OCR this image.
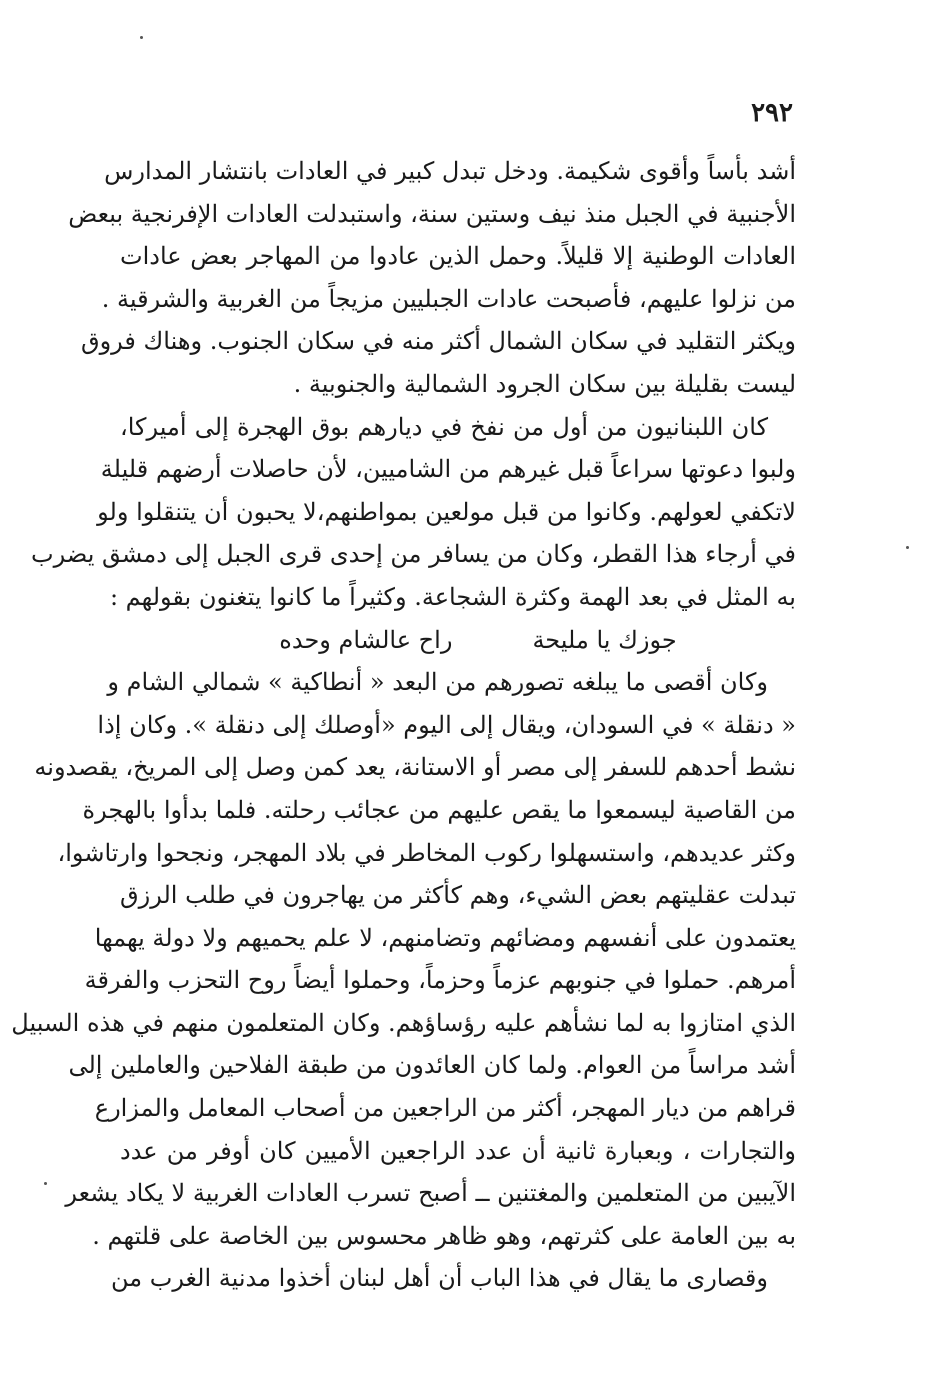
٢٩٢
أشد بأساً وأقوى شكيمة. ودخل تبدل كبير في العادات بانتشار المدارس
الأجنبية في الجبل منذ نيف وستين سنة، واستبدلت العادات الإفرنجية ببعض
العادات الوطنية إلا قليلاً. وحمل الذين عادوا من المهاجر بعض عادات
من نزلوا عليهم، فأصبحت عادات الجبليين مزيجاً من الغربية والشرقية .
ويكثر التقليد في سكان الشمال أكثر منه في سكان الجنوب. وهناك فروق
ليست بقليلة بين سكان الجرود الشمالية والجنوبية .
كان اللبنانيون من أول من نفخ في ديارهم بوق الهجرة إلى أميركا،
ولبوا دعوتها سراعاً قبل غيرهم من الشاميين، لأن حاصلات أرضهم قليلة
لاتكفي لعولهم. وكانوا من قبل مولعين بمواطنهم،لا يحبون أن يتنقلوا ولو
في أرجاء هذا القطر، وكان من يسافر من إحدى قرى الجبل إلى دمشق يضرب
به المثل في بعد الهمة وكثرة الشجاعة. وكثيراً ما كانوا يتغنون بقولهم :
جوزك يا مليحة
راح عالشام وحده
وكان أقصى ما يبلغه تصورهم من البعد « أنطاكية » شمالي الشام و
« دنقلة » في السودان، ويقال إلى اليوم «أوصلك إلى دنقلة ». وكان إذا
نشط أحدهم للسفر إلى مصر أو الاستانة، يعد كمن وصل إلى المريخ، يقصدونه
من القاصية ليسمعوا ما يقص عليهم من عجائب رحلته. فلما بدأوا بالهجرة
وكثر عديدهم، واستسهلوا ركوب المخاطر في بلاد المهجر، ونجحوا وارتاشوا،
تبدلت عقليتهم بعض الشيء، وهم كأكثر من يهاجرون في طلب الرزق
يعتمدون على أنفسهم ومضائهم وتضامنهم، لا علم يحميهم ولا دولة يهمها
أمرهم. حملوا في جنوبهم عزماً وحزماً، وحملوا أيضاً روح التحزب والفرقة
الذي امتازوا به لما نشأهم عليه رؤساؤهم. وكان المتعلمون منهم في هذه السبيل
أشد مراساً من العوام. ولما كان العائدون من طبقة الفلاحين والعاملين إلى
قراهم من ديار المهجر، أكثر من الراجعين من أصحاب المعامل والمزارع
والتجارات ، وبعبارة ثانية أن عدد الراجعين الأميين كان أوفر من عدد
الآيبين من المتعلمين والمغتنين ــ أصبح تسرب العادات الغربية لا يكاد يشعر
به بين العامة على كثرتهم، وهو ظاهر محسوس بين الخاصة على قلتهم .
وقصارى ما يقال في هذا الباب أن أهل لبنان أخذوا مدنية الغرب من
